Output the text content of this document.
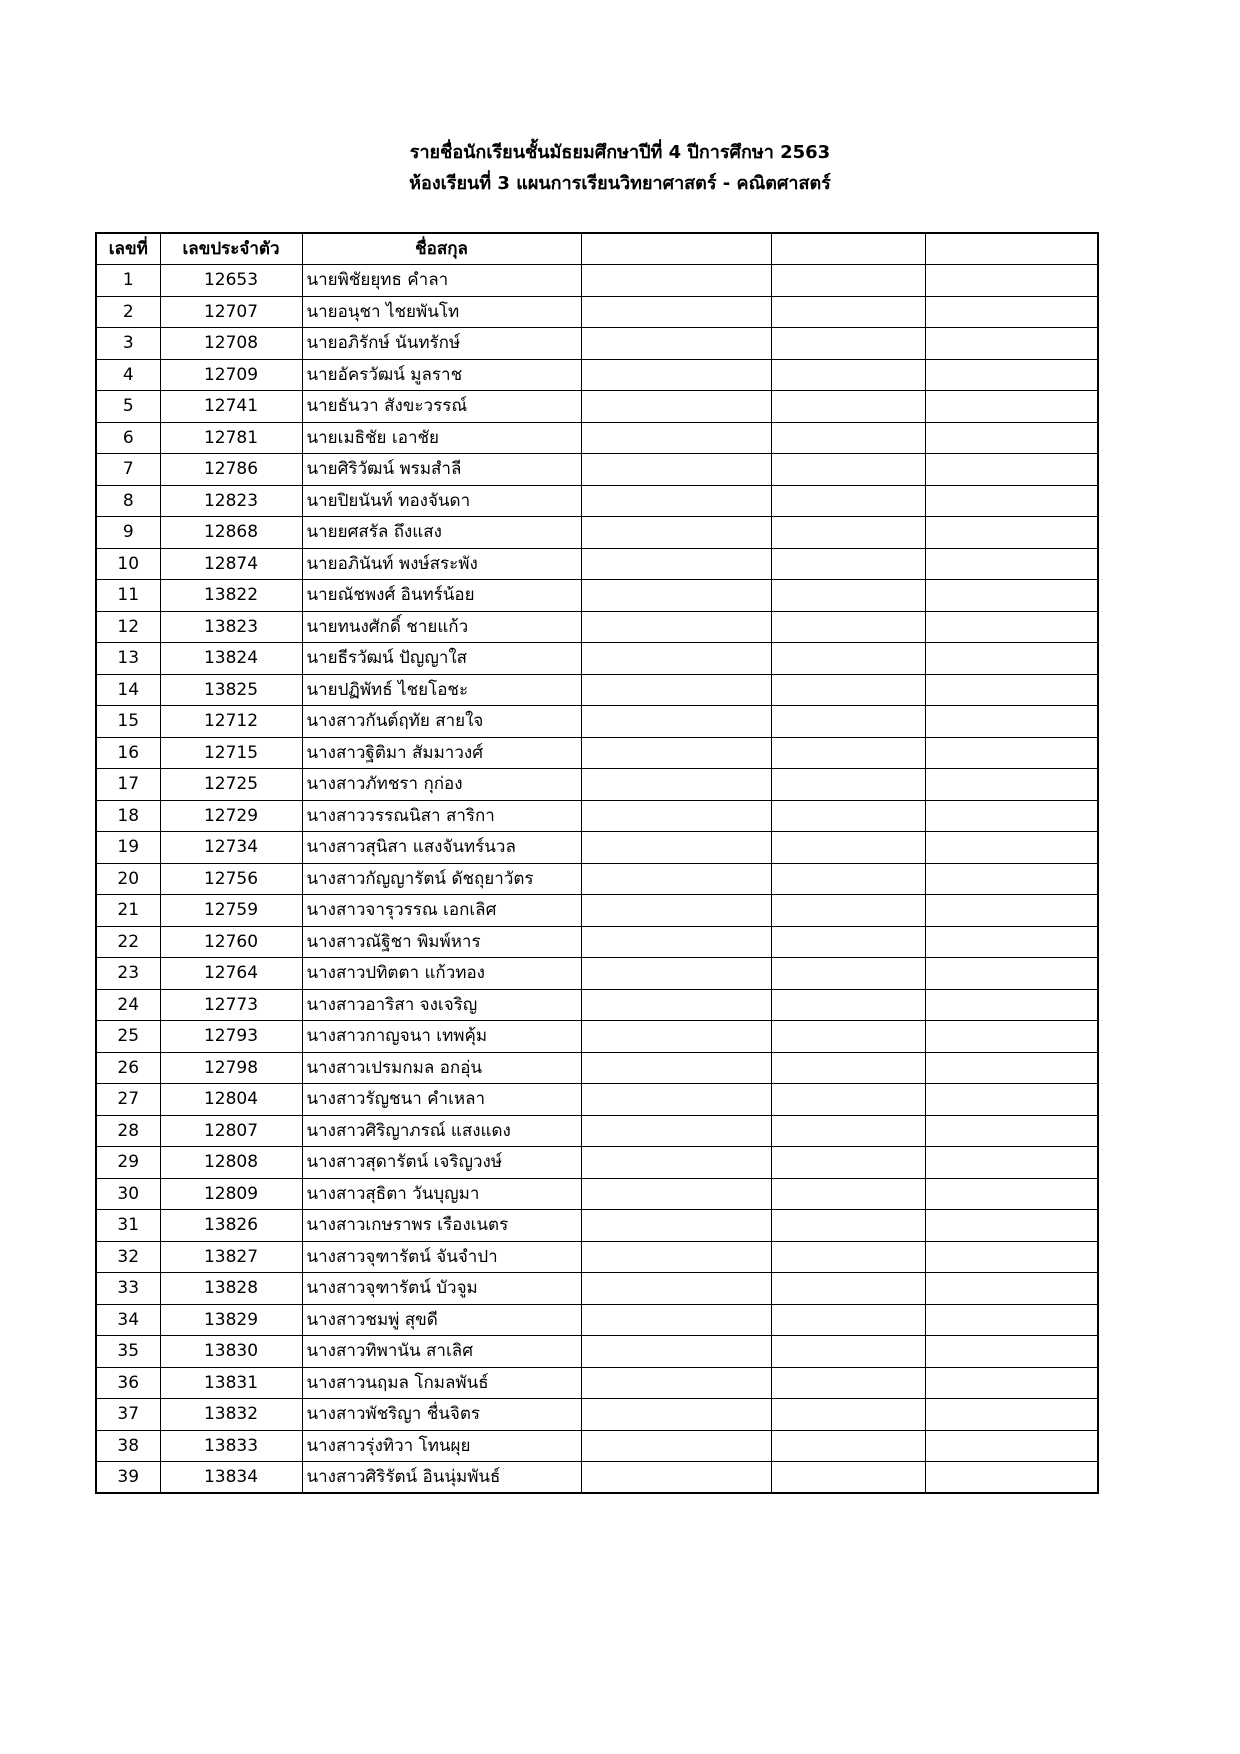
รายชื่อนักเรียนชั้นมัธยมศึกษาปีที่ 4 ปีการศึกษา 2563
ห้องเรียนที่ 3 แผนการเรียนวิทยาศาสตร์ - คณิตศาสตร์
เลขที่	เลขประจำตัว	ชื่อสกุล			
1	12653	นายพิชัยยุทธ คำลา			
2	12707	นายอนุชา ไชยพันโท			
3	12708	นายอภิรักษ์ นันทรักษ์			
4	12709	นายอัครวัฒน์ มูลราช			
5	12741	นายธันวา สังขะวรรณ์			
6	12781	นายเมธิชัย เอาชัย			
7	12786	นายศิริวัฒน์ พรมสำลี			
8	12823	นายปิยนันท์ ทองจันดา			
9	12868	นายยศสรัล ถึงแสง			
10	12874	นายอภินันท์ พงษ์สระพัง			
11	13822	นายณัชพงศ์ อินทร์น้อย			
12	13823	นายทนงศักดิ์ ชายแก้ว			
13	13824	นายธีรวัฒน์ ปัญญาใส			
14	13825	นายปฏิพัทธ์ ไชยโอชะ			
15	12712	นางสาวกันต์ฤทัย สายใจ			
16	12715	นางสาวฐิติมา สัมมาวงศ์			
17	12725	นางสาวภัทชรา กุก่อง			
18	12729	นางสาววรรณนิสา สาริกา			
19	12734	นางสาวสุนิสา แสงจันทร์นวล			
20	12756	นางสาวกัญญารัตน์ ดัชถุยาวัตร			
21	12759	นางสาวจารุวรรณ เอกเลิศ			
22	12760	นางสาวณัฐิชา พิมพ์หาร			
23	12764	นางสาวปทิตตา แก้วทอง			
24	12773	นางสาวอาริสา จงเจริญ			
25	12793	นางสาวกาญจนา เทพคุ้ม			
26	12798	นางสาวเปรมกมล อกอุ่น			
27	12804	นางสาวรัญชนา คำเหลา			
28	12807	นางสาวศิริญาภรณ์ แสงแดง			
29	12808	นางสาวสุดารัตน์ เจริญวงษ์			
30	12809	นางสาวสุธิตา วันบุญมา			
31	13826	นางสาวเกษราพร เรืองเนตร			
32	13827	นางสาวจุฑารัตน์ จันจำปา			
33	13828	นางสาวจุฑารัตน์ บัวจูม			
34	13829	นางสาวชมพู่ สุขดี			
35	13830	นางสาวทิพานัน สาเลิศ			
36	13831	นางสาวนฤมล โกมลพันธ์			
37	13832	นางสาวพัชริญา ชื่นจิตร			
38	13833	นางสาวรุ่งทิวา โทนผุย			
39	13834	นางสาวศิริรัตน์ อินนุ่มพันธ์			
